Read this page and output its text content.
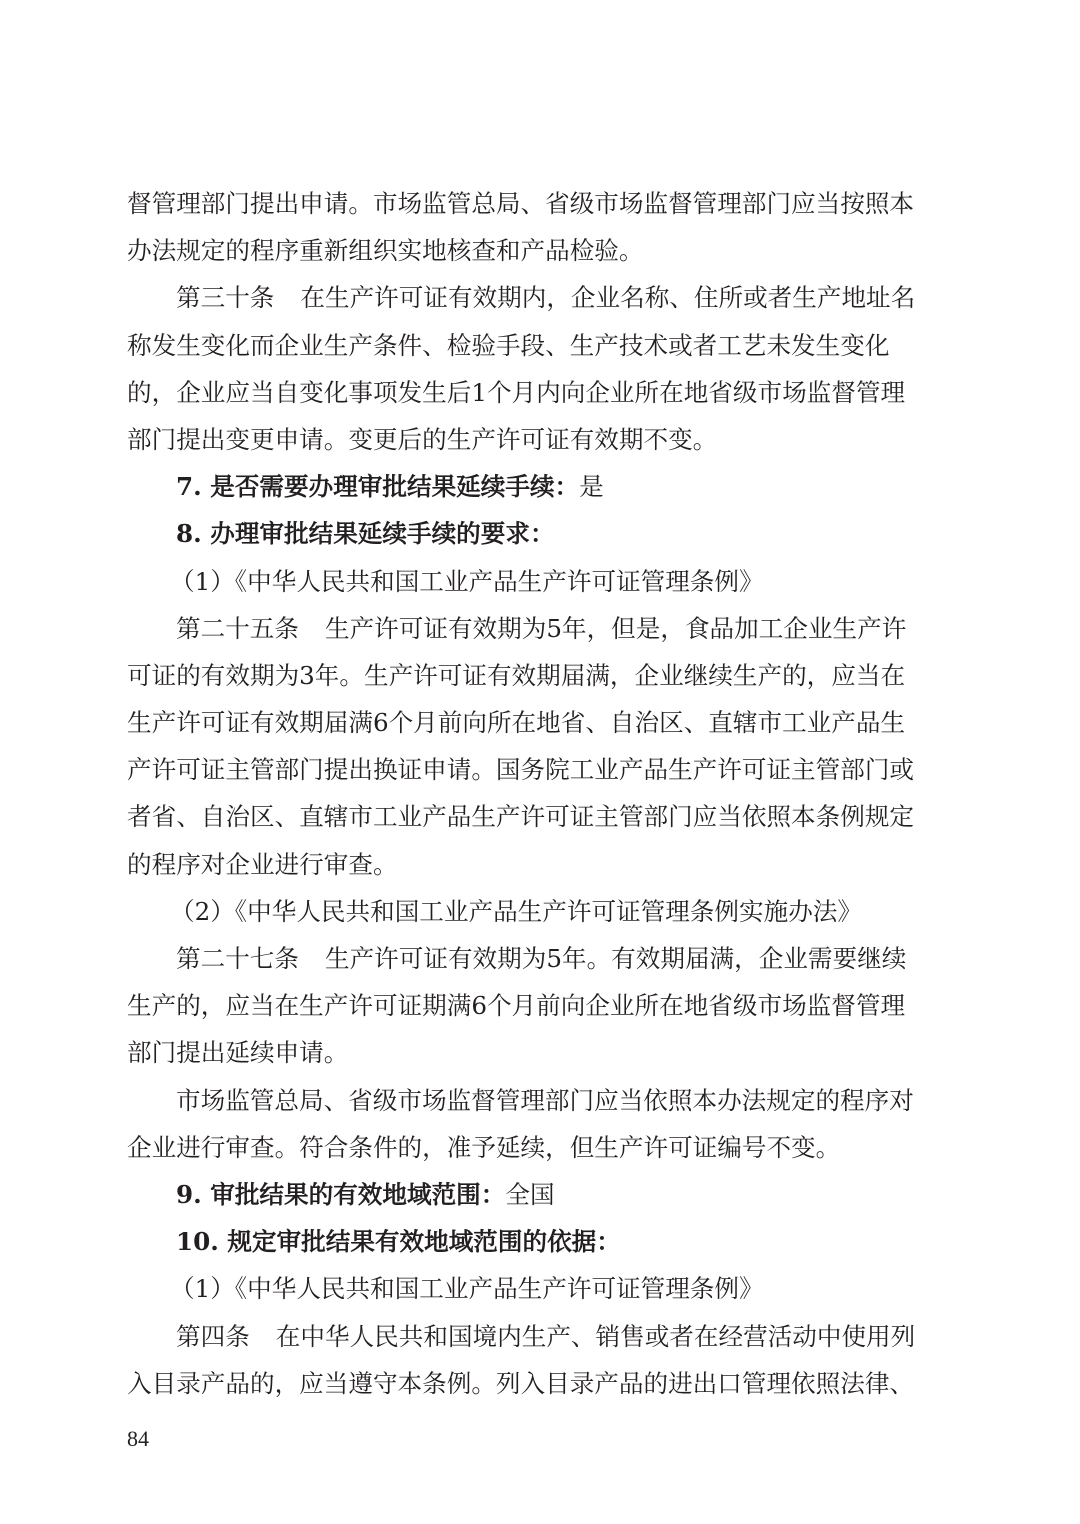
督管理部门提出申请。市场监管总局、省级市场监督管理部门应当按照本
办法规定的程序重新组织实地核查和产品检验。
第三十条 在生产许可证有效期内，企业名称、住所或者生产地址名
称发生变化而企业生产条件、检验手段、生产技术或者工艺未发生变化
的，企业应当自变化事项发生后1个月内向企业所在地省级市场监督管理
部门提出变更申请。变更后的生产许可证有效期不变。
7. 是否需要办理审批结果延续手续：是
8. 办理审批结果延续手续的要求：
（1）《中华人民共和国工业产品生产许可证管理条例》
第二十五条 生产许可证有效期为5年，但是，食品加工企业生产许
可证的有效期为3年。生产许可证有效期届满，企业继续生产的，应当在
生产许可证有效期届满6个月前向所在地省、自治区、直辖市工业产品生
产许可证主管部门提出换证申请。国务院工业产品生产许可证主管部门或
者省、自治区、直辖市工业产品生产许可证主管部门应当依照本条例规定
的程序对企业进行审查。
（2）《中华人民共和国工业产品生产许可证管理条例实施办法》
第二十七条 生产许可证有效期为5年。有效期届满，企业需要继续
生产的，应当在生产许可证期满6个月前向企业所在地省级市场监督管理
部门提出延续申请。
市场监管总局、省级市场监督管理部门应当依照本办法规定的程序对
企业进行审查。符合条件的，准予延续，但生产许可证编号不变。
9. 审批结果的有效地域范围：全国
10. 规定审批结果有效地域范围的依据：
（1）《中华人民共和国工业产品生产许可证管理条例》
第四条 在中华人民共和国境内生产、销售或者在经营活动中使用列
入目录产品的，应当遵守本条例。列入目录产品的进出口管理依照法律、
84
